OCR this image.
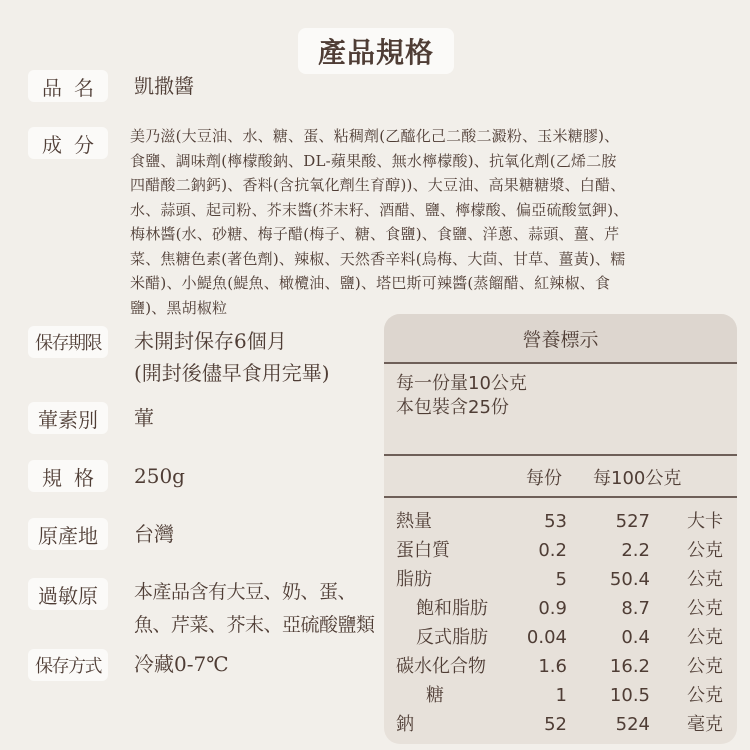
產品規格
品名 凱撒醬
成分 美乃滋(大豆油、水、糖、蛋、粘稠劑(乙醯化己二酸二澱粉、玉米糖膠)、
食鹽、調味劑(檸檬酸鈉、DL-蘋果酸、無水檸檬酸)、抗氧化劑(乙烯二胺
四醋酸二鈉鈣)、香料(含抗氧化劑生育醇))、大豆油、高果糖糖漿、白醋、
水、蒜頭、起司粉、芥末醬(芥末籽、酒醋、鹽、檸檬酸、偏亞硫酸氫鉀)、
梅林醬(水、砂糖、梅子醋(梅子、糖、食鹽)、食鹽、洋蔥、蒜頭、薑、芹
菜、焦糖色素(著色劑)、辣椒、天然香辛料(烏梅、大茴、甘草、薑黃)、糯
米醋)、小鯷魚(鯷魚、橄欖油、鹽)、塔巴斯可辣醬(蒸餾醋、紅辣椒、食
鹽)、黑胡椒粒
保存期限	未開封保存6個月
(開封後儘早食用完畢)
葷素別	葷
規格 250g
原產地	台灣
過敏原	本產品含有大豆、奶、蛋、
魚、芹菜、芥末、亞硫酸鹽類
保存方式	冷藏0-7℃
營養標示
每一份量10公克
本包裝含25份
每份 每100公克
熱量	53	527 大卡
蛋白質	0.2	2.2 公克
脂肪	5 50.4 公克
飽和脂肪	0.9	8.7 公克
反式脂肪 0.04	0.4 公克
碳水化合物	1.6 16.2 公克
糖	1 10.5 公克
鈉	52	524 毫克
